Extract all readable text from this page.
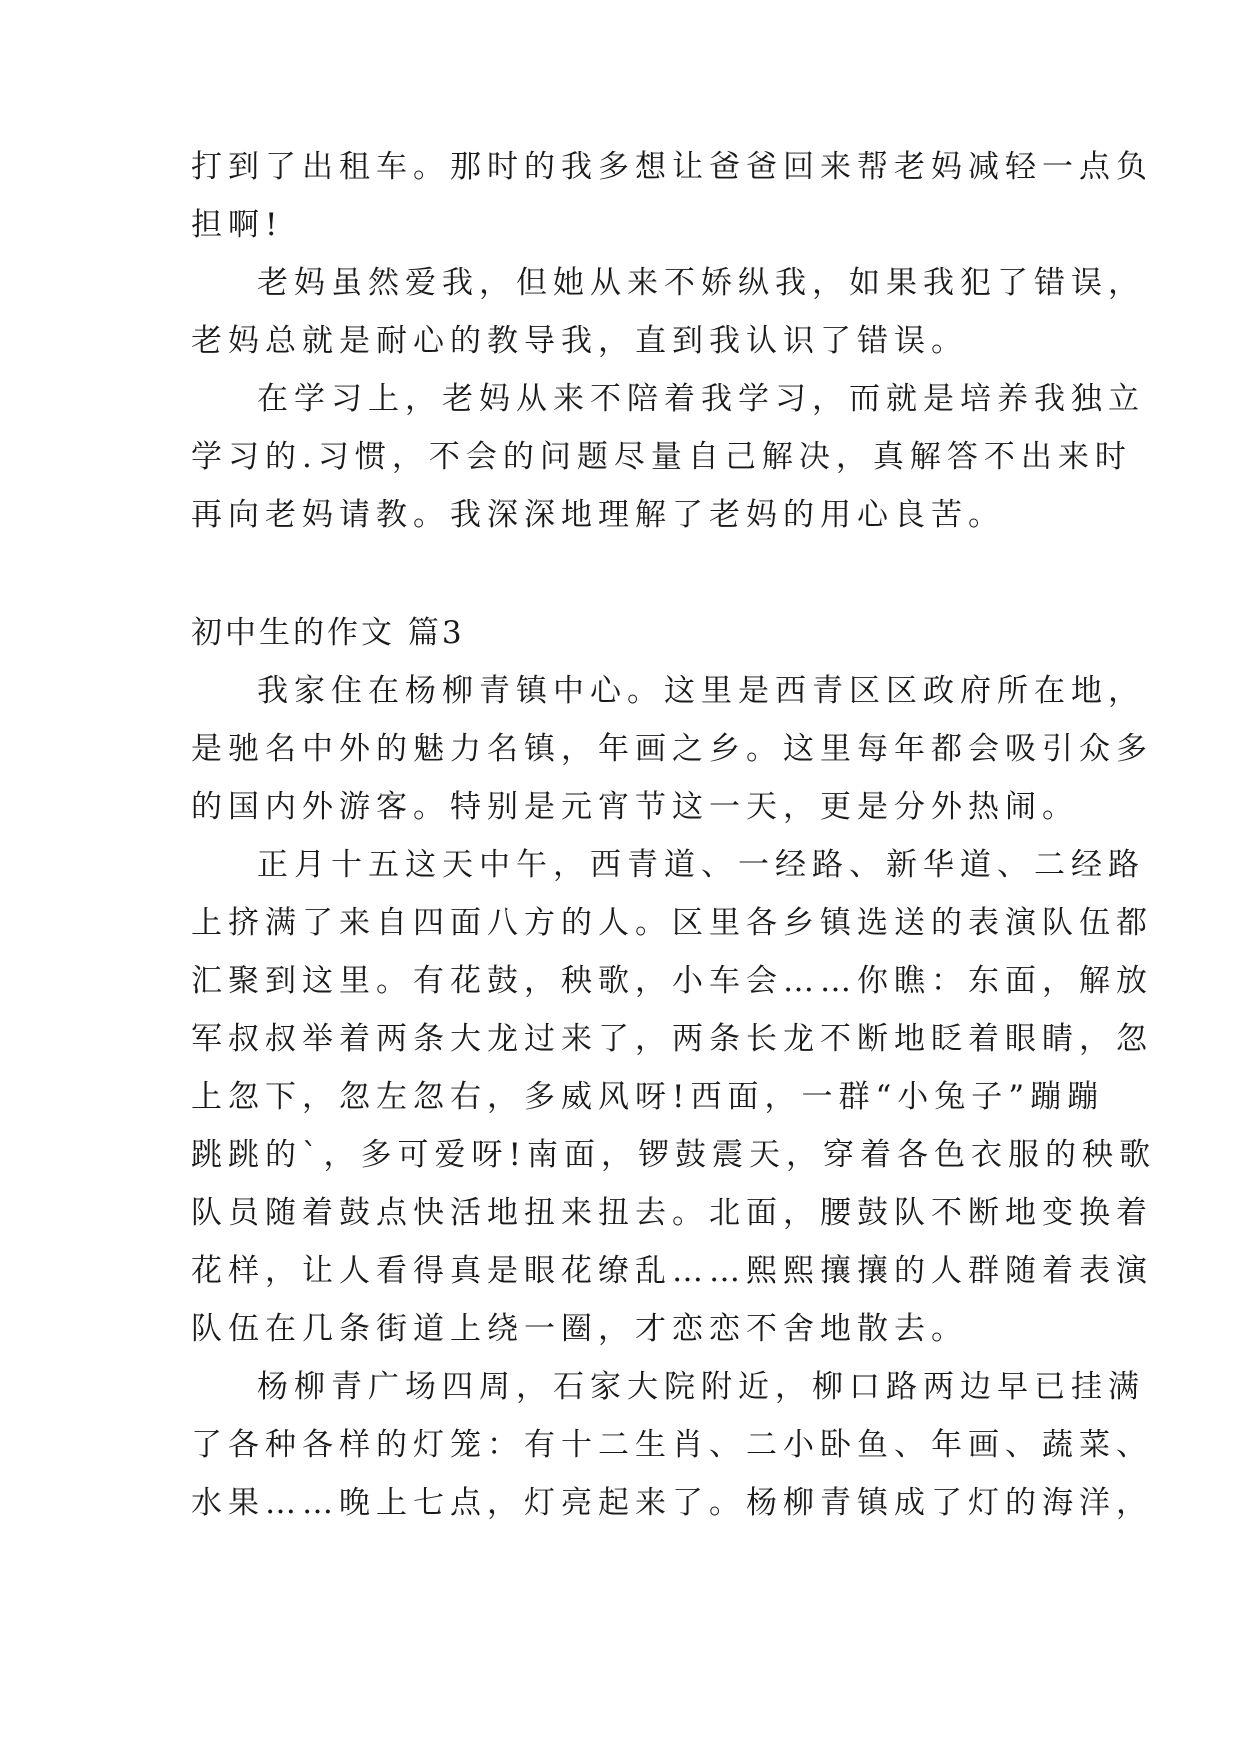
打到了出租车。那时的我多想让爸爸回来帮老妈减轻一点负
担啊!
老妈虽然爱我，但她从来不娇纵我，如果我犯了错误，
老妈总就是耐心的教导我，直到我认识了错误。
在学习上，老妈从来不陪着我学习，而就是培养我独立
学习的.习惯，不会的问题尽量自己解决，真解答不出来时
再向老妈请教。我深深地理解了老妈的用心良苦。
初中生的作文 篇3
我家住在杨柳青镇中心。这里是西青区区政府所在地，
是驰名中外的魅力名镇，年画之乡。这里每年都会吸引众多
的国内外游客。特别是元宵节这一天，更是分外热闹。
正月十五这天中午，西青道、一经路、新华道、二经路
上挤满了来自四面八方的人。区里各乡镇选送的表演队伍都
汇聚到这里。有花鼓，秧歌，小车会……你瞧：东面，解放
军叔叔举着两条大龙过来了，两条长龙不断地眨着眼睛，忽
上忽下，忽左忽右，多威风呀!西面，一群“小兔子”蹦蹦
跳跳的`，多可爱呀!南面，锣鼓震天，穿着各色衣服的秧歌
队员随着鼓点快活地扭来扭去。北面，腰鼓队不断地变换着
花样，让人看得真是眼花缭乱……熙熙攘攘的人群随着表演
队伍在几条街道上绕一圈，才恋恋不舍地散去。
杨柳青广场四周，石家大院附近，柳口路两边早已挂满
了各种各样的灯笼：有十二生肖、二小卧鱼、年画、蔬菜、
水果……晚上七点，灯亮起来了。杨柳青镇成了灯的海洋，
